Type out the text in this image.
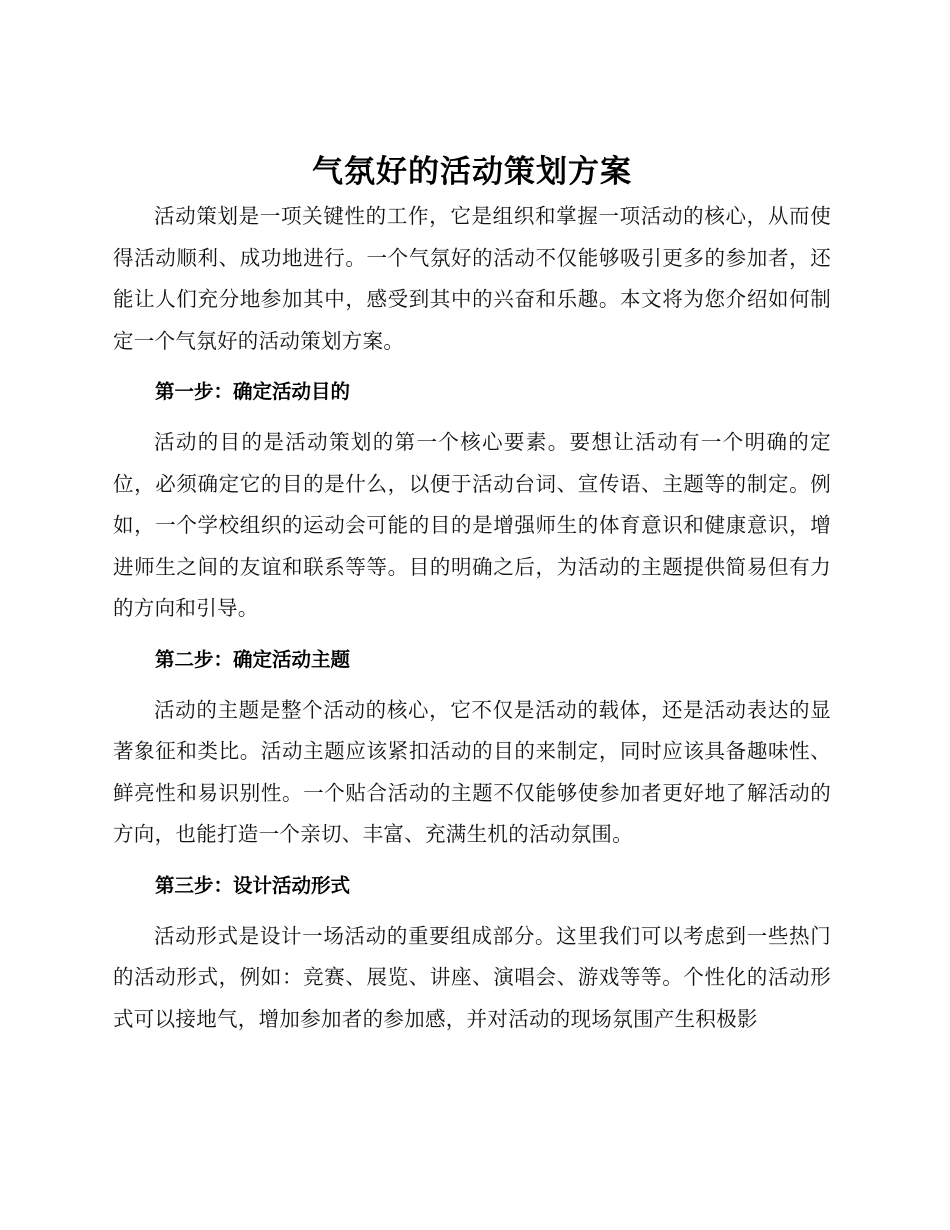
气氛好的活动策划方案

活动策划是一项关键性的工作，它是组织和掌握一项活动的核心，从而使得活动顺利、成功地进行。一个气氛好的活动不仅能够吸引更多的参加者，还能让人们充分地参加其中，感受到其中的兴奋和乐趣。本文将为您介绍如何制定一个气氛好的活动策划方案。

第一步：确定活动目的

活动的目的是活动策划的第一个核心要素。要想让活动有一个明确的定位，必须确定它的目的是什么，以便于活动台词、宣传语、主题等的制定。例如，一个学校组织的运动会可能的目的是增强师生的体育意识和健康意识，增进师生之间的友谊和联系等等。目的明确之后，为活动的主题提供简易但有力的方向和引导。

第二步：确定活动主题

活动的主题是整个活动的核心，它不仅是活动的载体，还是活动表达的显著象征和类比。活动主题应该紧扣活动的目的来制定，同时应该具备趣味性、鲜亮性和易识别性。一个贴合活动的主题不仅能够使参加者更好地了解活动的方向，也能打造一个亲切、丰富、充满生机的活动氛围。

第三步：设计活动形式

活动形式是设计一场活动的重要组成部分。这里我们可以考虑到一些热门的活动形式，例如：竞赛、展览、讲座、演唱会、游戏等等。个性化的活动形式可以接地气，增加参加者的参加感，并对活动的现场氛围产生积极影
